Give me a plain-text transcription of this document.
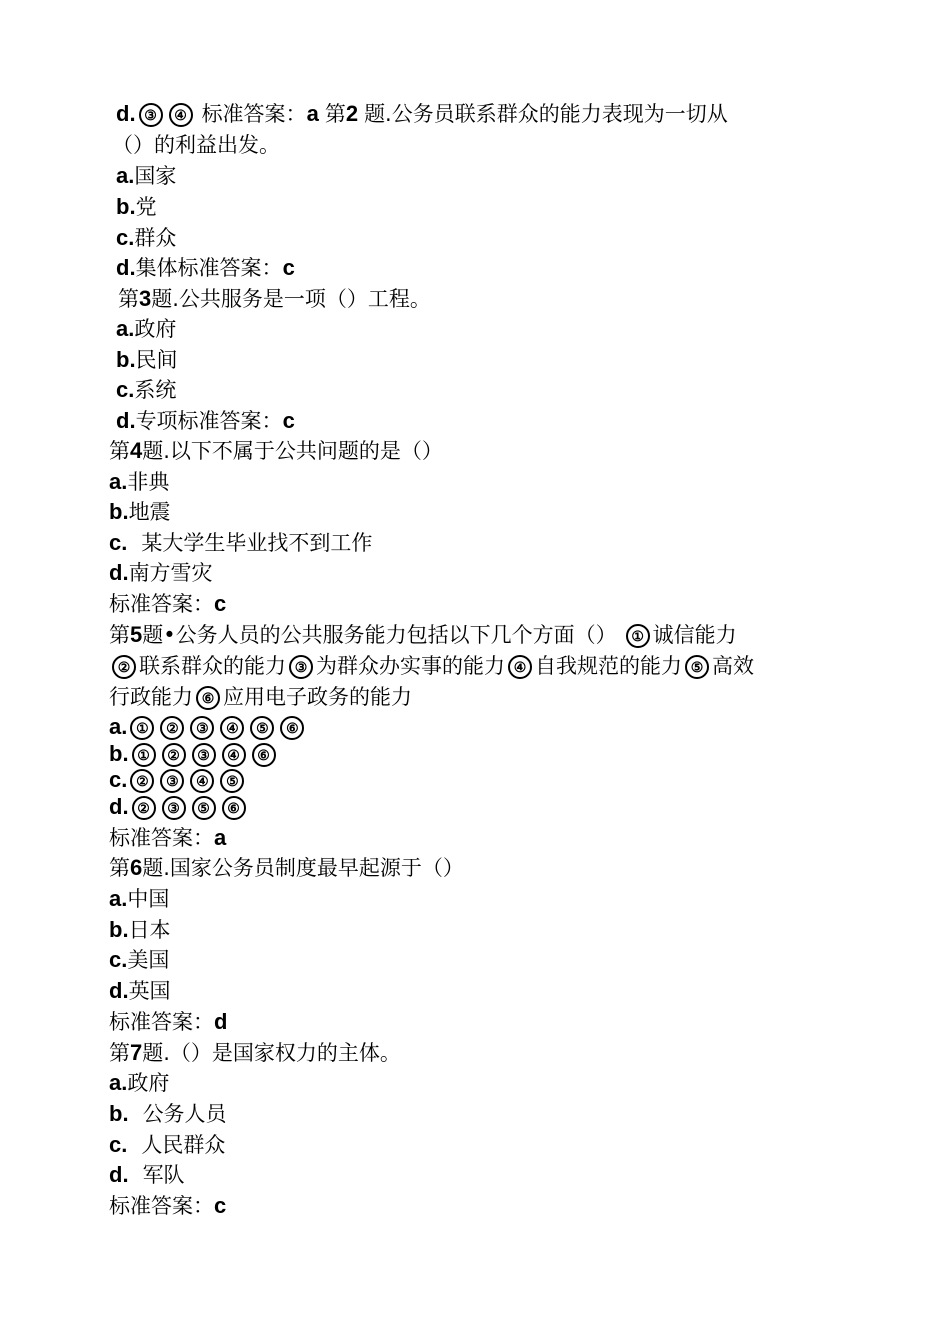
d. ③ ④ 标准答案：a 第2 题.公务员联系群众的能力表现为一切从
（）的利益出发。
a.国家
b.党
c.群众
d.集体标准答案：c
第3题.公共服务是一项（）工程。
a.政府
b.民间
c.系统
d.专项标准答案：c
第4题.以下不属于公共问题的是（）
a.非典
b.地震
c. 某大学生毕业找不到工作
d.南方雪灾
标准答案：c
第5题•公务人员的公共服务能力包括以下几个方面（） ① 诚信能力
② 联系群众的能力 ③ 为群众办实事的能力 ④ 自我规范的能力 ⑤ 高效
行政能力 ⑥ 应用电子政务的能力
a. ① ② ③ ④ ⑤ ⑥
b. ① ② ③ ④ ⑥
c. ② ③ ④ ⑤
d. ② ③ ⑤ ⑥
标准答案：a
第6题.国家公务员制度最早起源于（）
a.中国
b.日本
c.美国
d.英国
标准答案：d
第7题.（）是国家权力的主体。
a.政府
b. 公务人员
c. 人民群众
d. 军队
标准答案：c
